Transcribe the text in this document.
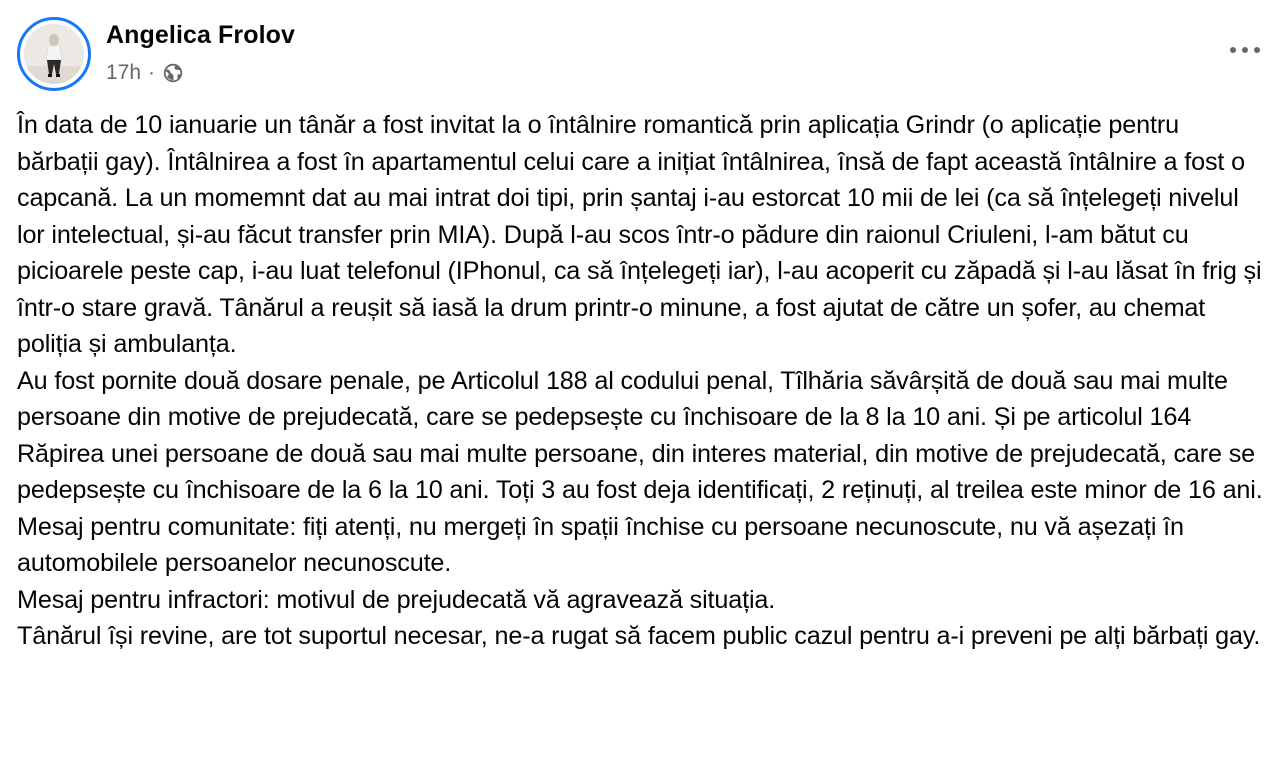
Angelica Frolov
17h ·

În data de 10 ianuarie un tânăr a fost invitat la o întâlnire romantică prin aplicația Grindr (o aplicație pentru bărbații gay). Întâlnirea a fost în apartamentul celui care a inițiat întâlnirea, însă de fapt această întâlnire a fost o capcană. La un momemnt dat au mai intrat doi tipi, prin șantaj i-au estorcat 10 mii de lei (ca să înțelegeți nivelul lor intelectual, și-au făcut transfer prin MIA). După l-au scos într-o pădure din raionul Criuleni, l-am bătut cu picioarele peste cap, i-au luat telefonul (IPhonul, ca să înțelegeți iar), l-au acoperit cu zăpadă și l-au lăsat în frig și într-o stare gravă. Tânărul a reușit să iasă la drum printr-o minune, a fost ajutat de către un șofer, au chemat poliția și ambulanța.

Au fost pornite două dosare penale, pe Articolul 188 al codului penal, Tîlhăria săvârșită de două sau mai multe persoane din motive de prejudecată, care se pedepsește cu închisoare de la 8 la 10 ani. Și pe articolul 164 Răpirea unei persoane de două sau mai multe persoane, din interes material, din motive de prejudecată, care se pedepsește cu închisoare de la 6 la 10 ani. Toți 3 au fost deja identificați, 2 reținuți, al treilea este minor de 16 ani.

Mesaj pentru comunitate: fiți atenți, nu mergeți în spații închise cu persoane necunoscute, nu vă așezați în automobilele persoanelor necunoscute.

Mesaj pentru infractori: motivul de prejudecată vă agravează situația.

Tânărul își revine, are tot suportul necesar, ne-a rugat să facem public cazul pentru a-i preveni pe alți bărbați gay.
